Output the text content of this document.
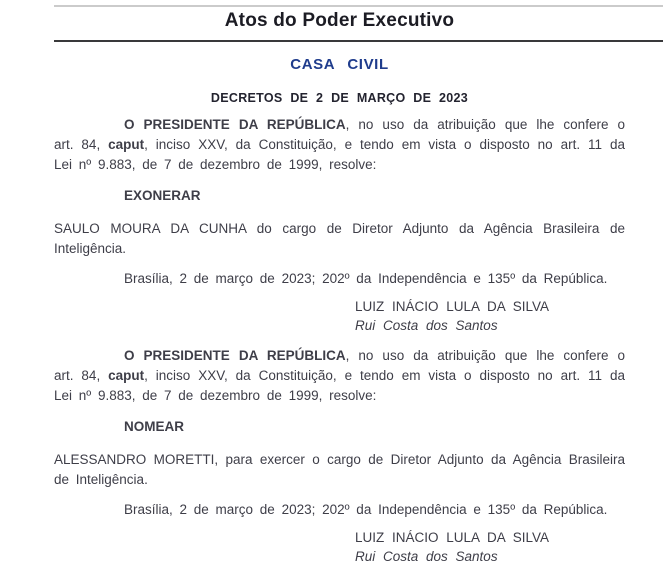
Atos do Poder Executivo
CASA CIVIL
DECRETOS DE 2 DE MARÇO DE 2023

O PRESIDENTE DA REPÚBLICA, no uso da atribuição que lhe confere o art. 84, caput, inciso XXV, da Constituição, e tendo em vista o disposto no art. 11 da Lei nº 9.883, de 7 de dezembro de 1999, resolve:

EXONERAR

SAULO MOURA DA CUNHA do cargo de Diretor Adjunto da Agência Brasileira de Inteligência.

Brasília, 2 de março de 2023; 202º da Independência e 135º da República.

LUIZ INÁCIO LULA DA SILVA

Rui Costa dos Santos

O PRESIDENTE DA REPÚBLICA, no uso da atribuição que lhe confere o art. 84, caput, inciso XXV, da Constituição, e tendo em vista o disposto no art. 11 da Lei nº 9.883, de 7 de dezembro de 1999, resolve:

NOMEAR

ALESSANDRO MORETTI, para exercer o cargo de Diretor Adjunto da Agência Brasileira de Inteligência.

Brasília, 2 de março de 2023; 202º da Independência e 135º da República.

LUIZ INÁCIO LULA DA SILVA

Rui Costa dos Santos
